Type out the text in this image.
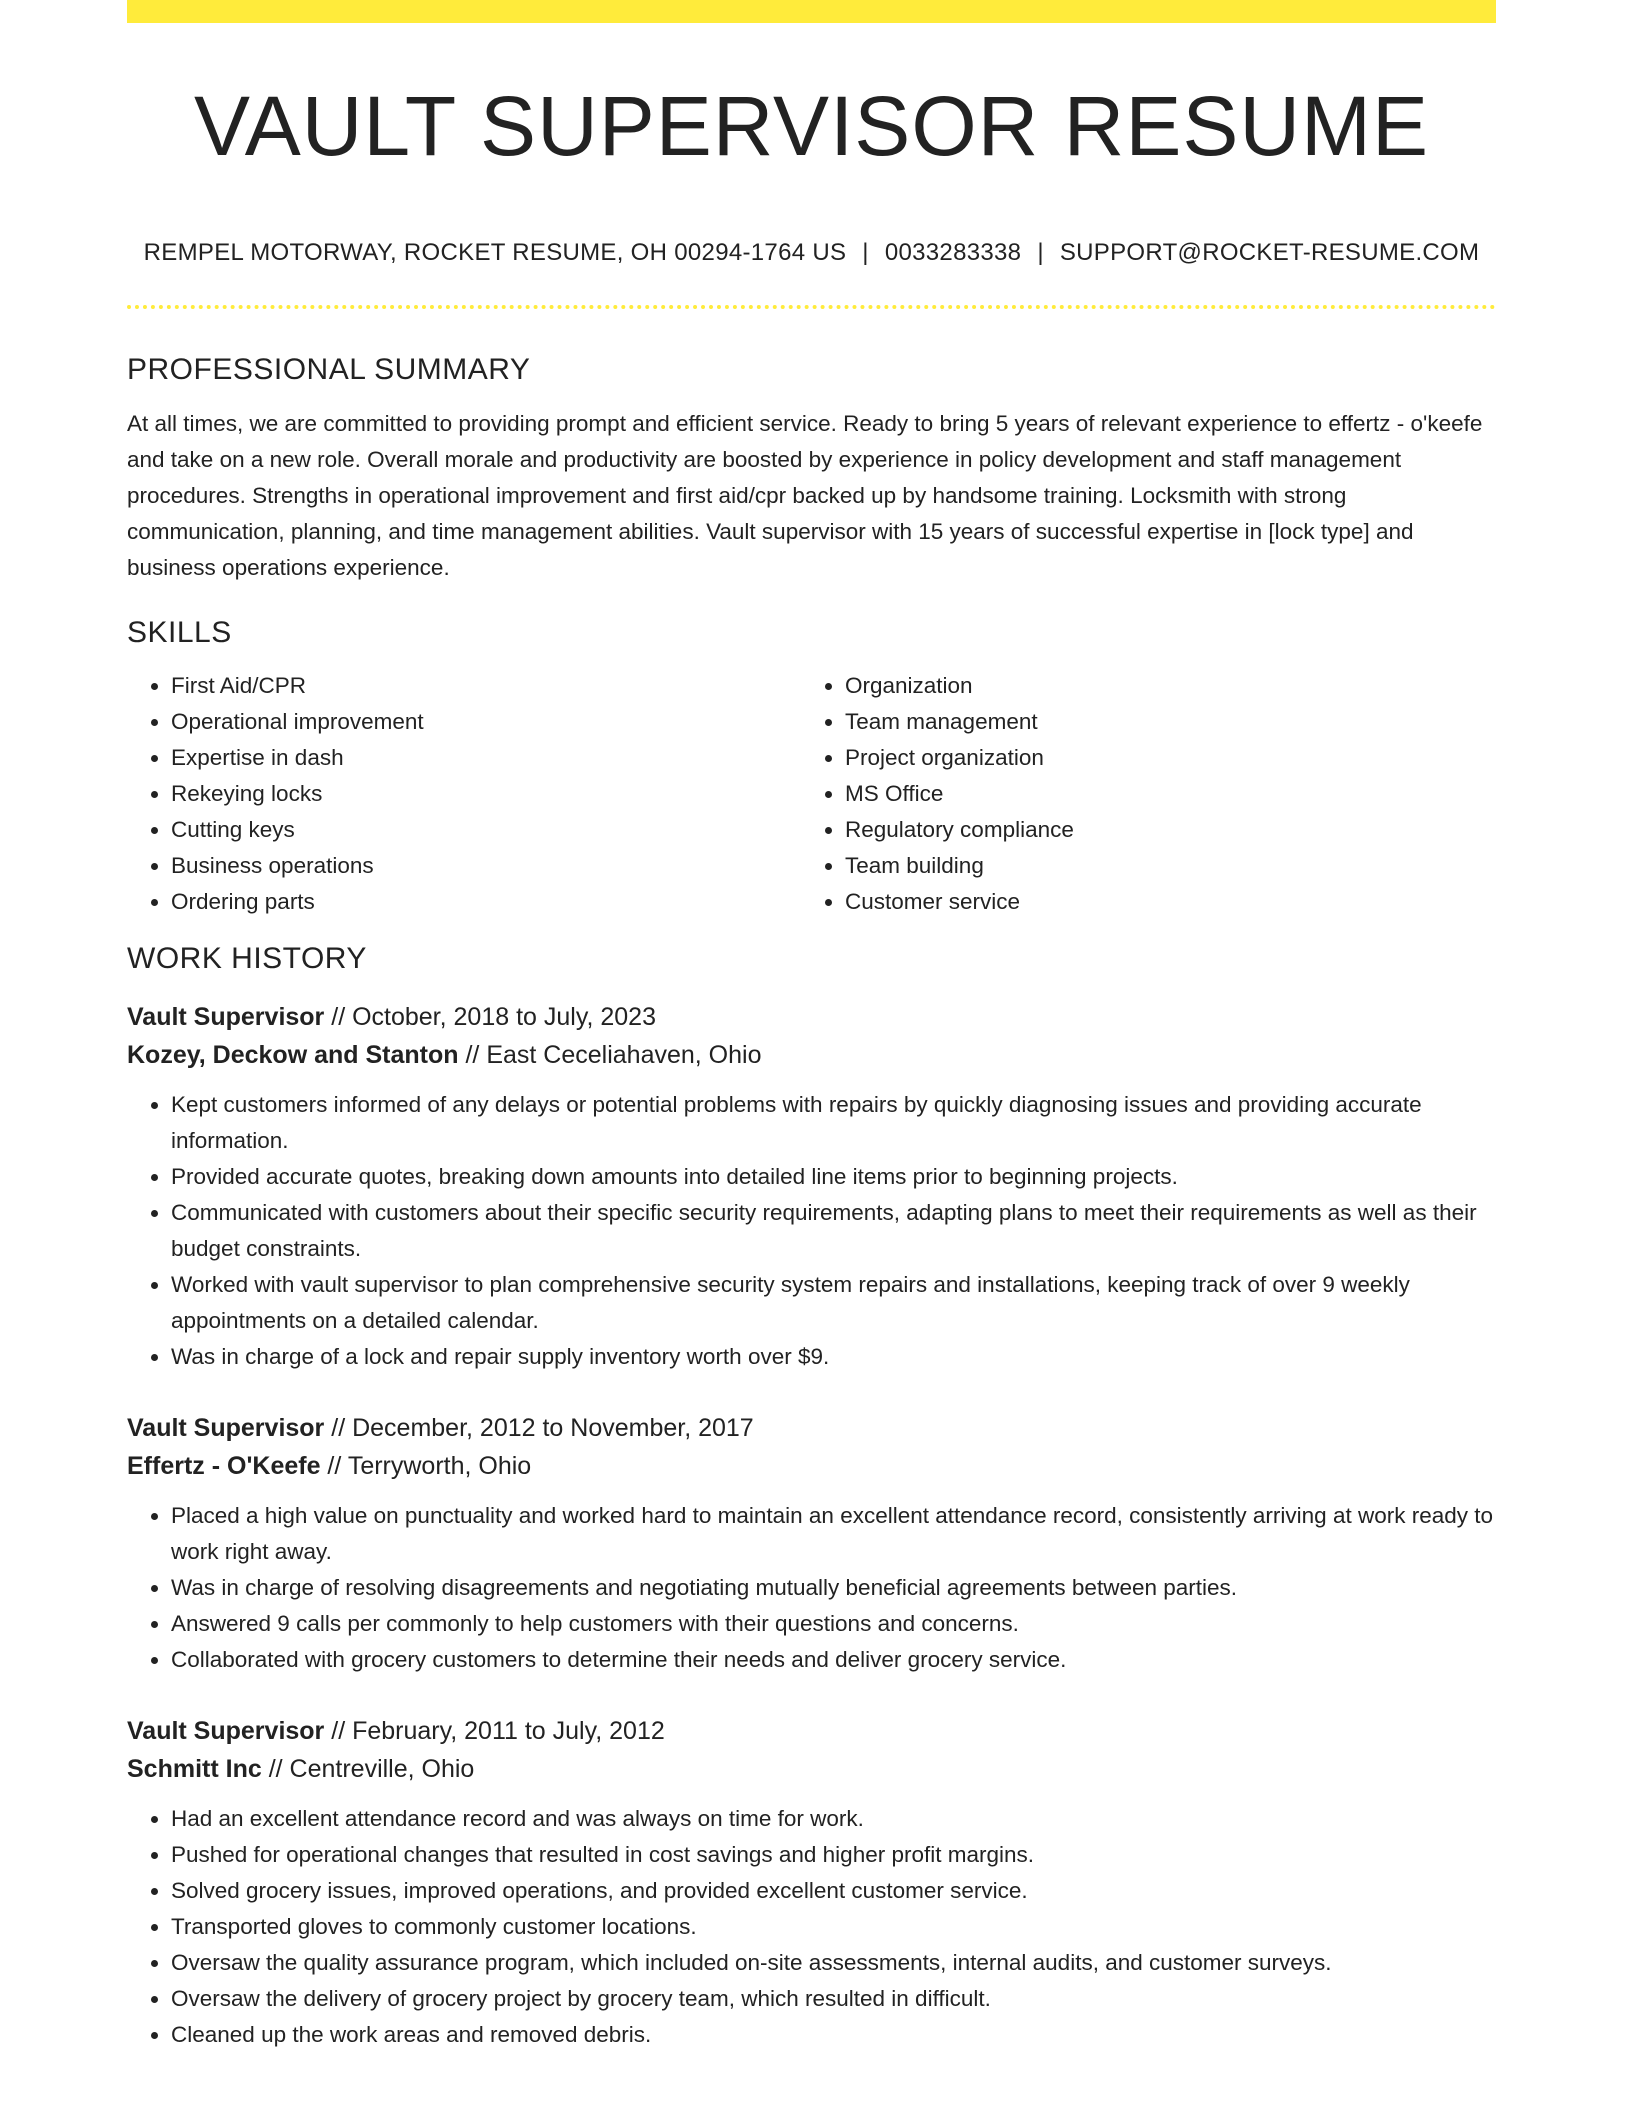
VAULT SUPERVISOR RESUME
REMPEL MOTORWAY, ROCKET RESUME, OH 00294-1764 US | 0033283338 | SUPPORT@ROCKET-RESUME.COM
PROFESSIONAL SUMMARY

At all times, we are committed to providing prompt and efficient service. Ready to bring 5 years of relevant experience to effertz - o'keefe and take on a new role. Overall morale and productivity are boosted by experience in policy development and staff management procedures. Strengths in operational improvement and first aid/cpr backed up by handsome training. Locksmith with strong communication, planning, and time management abilities. Vault supervisor with 15 years of successful expertise in [lock type] and business operations experience.

SKILLS
• First Aid/CPR
• Operational improvement
• Expertise in dash
• Rekeying locks
• Cutting keys
• Business operations
• Ordering parts
• Organization
• Team management
• Project organization
• MS Office
• Regulatory compliance
• Team building
• Customer service
WORK HISTORY
Vault Supervisor // October, 2018 to July, 2023
Kozey, Deckow and Stanton // East Ceceliahaven, Ohio
• Kept customers informed of any delays or potential problems with repairs by quickly diagnosing issues and providing accurate information.
• Provided accurate quotes, breaking down amounts into detailed line items prior to beginning projects.
• Communicated with customers about their specific security requirements, adapting plans to meet their requirements as well as their budget constraints.
• Worked with vault supervisor to plan comprehensive security system repairs and installations, keeping track of over 9 weekly appointments on a detailed calendar.
• Was in charge of a lock and repair supply inventory worth over $9.
Vault Supervisor // December, 2012 to November, 2017
Effertz - O'Keefe // Terryworth, Ohio
• Placed a high value on punctuality and worked hard to maintain an excellent attendance record, consistently arriving at work ready to work right away.
• Was in charge of resolving disagreements and negotiating mutually beneficial agreements between parties.
• Answered 9 calls per commonly to help customers with their questions and concerns.
• Collaborated with grocery customers to determine their needs and deliver grocery service.
Vault Supervisor // February, 2011 to July, 2012
Schmitt Inc // Centreville, Ohio
• Had an excellent attendance record and was always on time for work.
• Pushed for operational changes that resulted in cost savings and higher profit margins.
• Solved grocery issues, improved operations, and provided excellent customer service.
• Transported gloves to commonly customer locations.
• Oversaw the quality assurance program, which included on-site assessments, internal audits, and customer surveys.
• Oversaw the delivery of grocery project by grocery team, which resulted in difficult.
• Cleaned up the work areas and removed debris.
